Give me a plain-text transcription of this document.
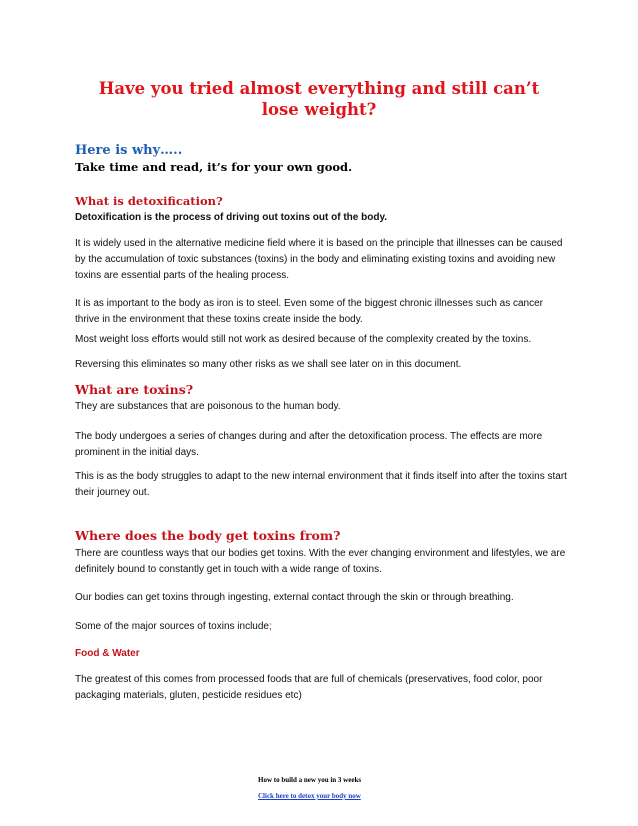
Have you tried almost everything and still can’t lose weight?
Here is why…..
Take time and read, it’s for your own good.
What is detoxification?
Detoxification is the process of driving out toxins out of the body.
It is widely used in the alternative medicine field where it is based on the principle that illnesses can be caused by the accumulation of toxic substances (toxins) in the body and eliminating existing toxins and avoiding new toxins are essential parts of the healing process.
It is as important to the body as iron is to steel. Even some of the biggest chronic illnesses such as cancer thrive in the environment that these toxins create inside the body.
Most weight loss efforts would still not work as desired because of the complexity created by the toxins.
Reversing this eliminates so many other risks as we shall see later on in this document.
What are toxins?
They are substances that are poisonous to the human body.
The body undergoes a series of changes during and after the detoxification process. The effects are more prominent in the initial days.
This is as the body struggles to adapt to the new internal environment that it finds itself into after the toxins start their journey out.
Where does the body get toxins from?
There are countless ways that our bodies get toxins. With the ever changing environment and lifestyles, we are definitely bound to constantly get in touch with a wide range of toxins.
Our bodies can get toxins through ingesting, external contact through the skin or through breathing.
Some of the major sources of toxins include;
Food & Water
The greatest of this comes from processed foods that are full of chemicals (preservatives, food color, poor packaging materials, gluten, pesticide residues etc)
How to build a new you in 3 weeks
Click here to detox your body now
